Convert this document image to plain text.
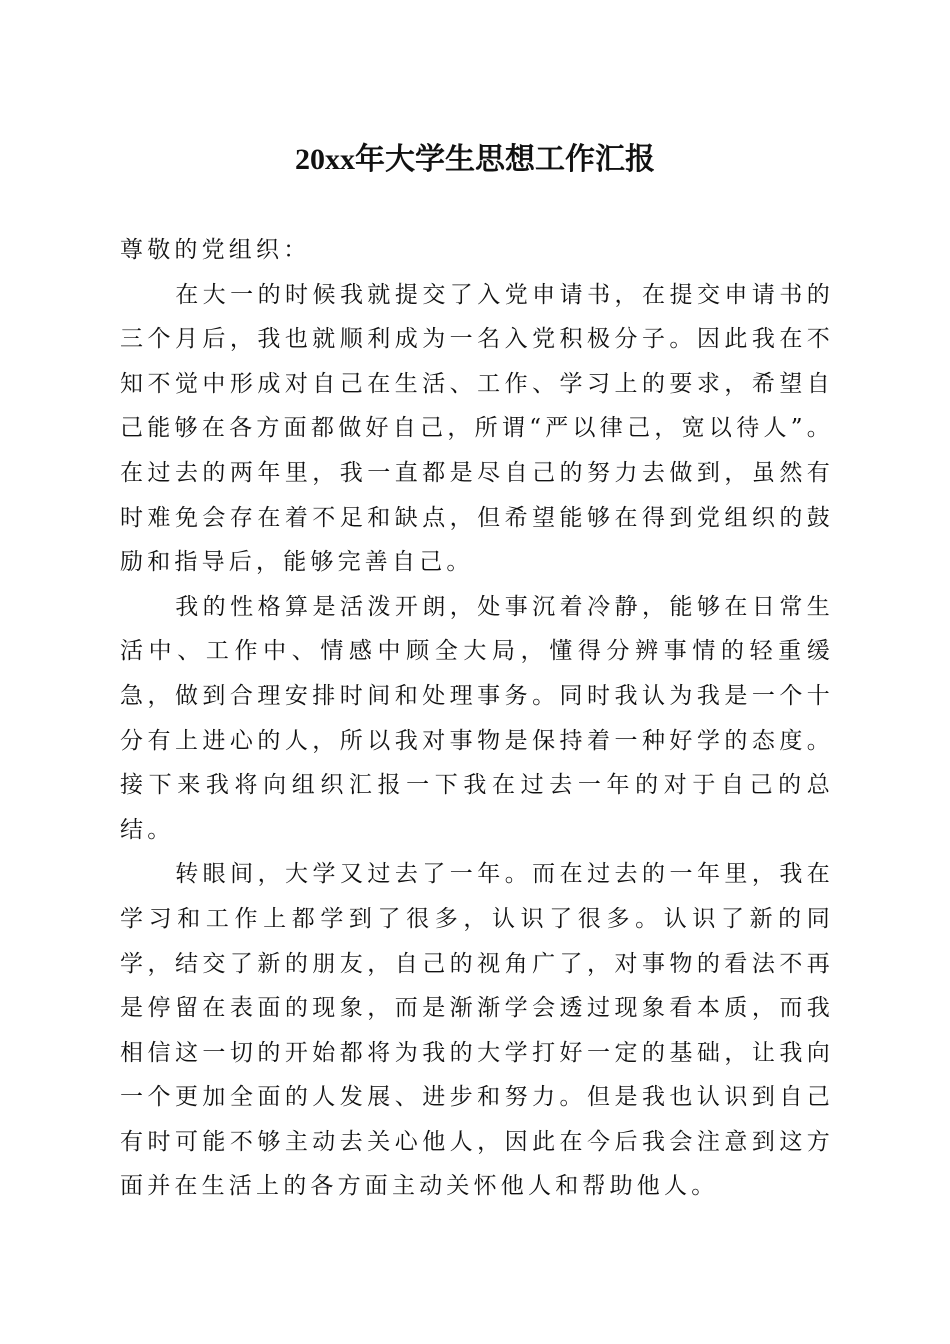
20xx年大学生思想工作汇报

尊敬的党组织：

在大一的时候我就提交了入党申请书，在提交申请书的三个月后，我也就顺利成为一名入党积极分子。因此我在不知不觉中形成对自己在生活、工作、学习上的要求，希望自己能够在各方面都做好自己，所谓“严以律己，宽以待人”。在过去的两年里，我一直都是尽自己的努力去做到，虽然有时难免会存在着不足和缺点，但希望能够在得到党组织的鼓励和指导后，能够完善自己。

我的性格算是活泼开朗，处事沉着冷静，能够在日常生活中、工作中、情感中顾全大局，懂得分辨事情的轻重缓急，做到合理安排时间和处理事务。同时我认为我是一个十分有上进心的人，所以我对事物是保持着一种好学的态度。接下来我将向组织汇报一下我在过去一年的对于自己的总结。

转眼间，大学又过去了一年。而在过去的一年里，我在学习和工作上都学到了很多，认识了很多。认识了新的同学，结交了新的朋友，自己的视角广了，对事物的看法不再是停留在表面的现象，而是渐渐学会透过现象看本质，而我相信这一切的开始都将为我的大学打好一定的基础，让我向一个更加全面的人发展、进步和努力。但是我也认识到自己有时可能不够主动去关心他人，因此在今后我会注意到这方面并在生活上的各方面主动关怀他人和帮助他人。
